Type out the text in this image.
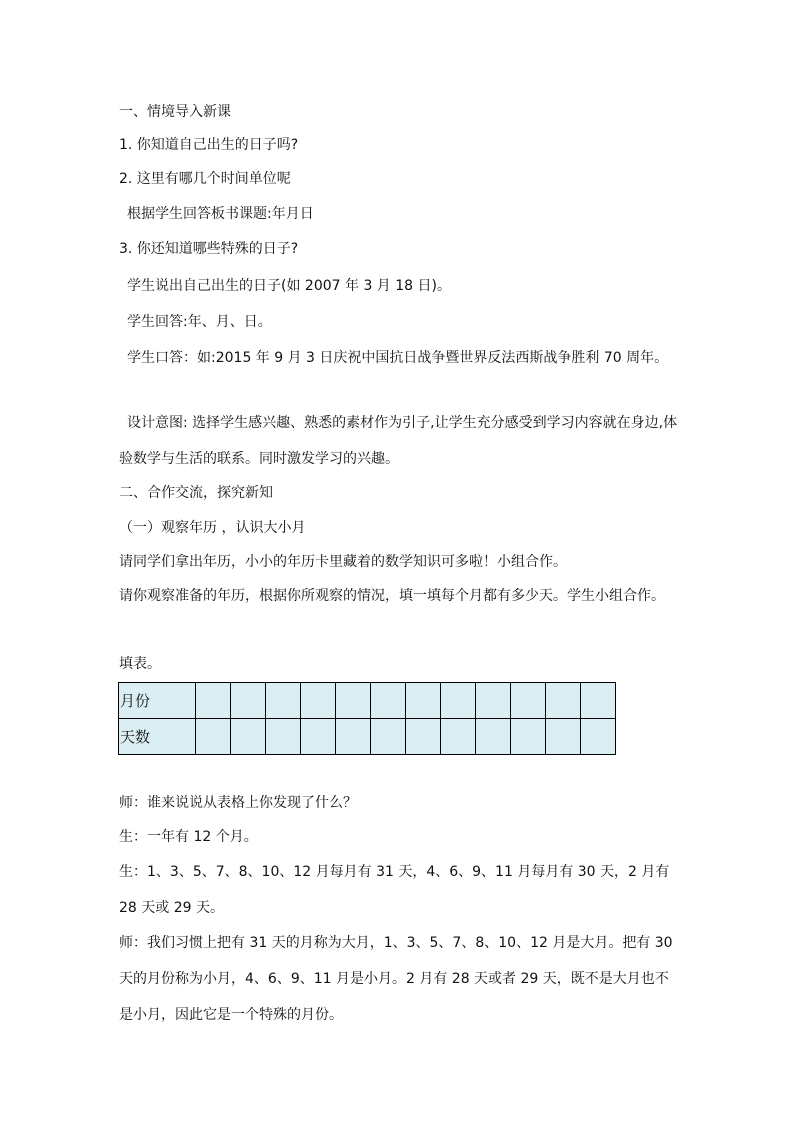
一、情境导入新课
1. 你知道自己出生的日子吗?
2. 这里有哪几个时间单位呢
根据学生回答板书课题:年月日
3. 你还知道哪些特殊的日子?
学生说出自己出生的日子(如 2007 年 3 月 18 日)。
学生回答:年、月、日。
学生口答：如:2015 年 9 月 3 日庆祝中国抗日战争暨世界反法西斯战争胜利 70 周年。
设计意图: 选择学生感兴趣、熟悉的素材作为引子,让学生充分感受到学习内容就在身边,体验数学与生活的联系。同时激发学习的兴趣。
二、合作交流，探究新知
（一）观察年历 ，认识大小月
请同学们拿出年历，小小的年历卡里藏着的数学知识可多啦！小组合作。
请你观察准备的年历，根据你所观察的情况，填一填每个月都有多少天。学生小组合作。
填表。
月份												
天数												
师：谁来说说从表格上你发现了什么？
生：一年有 12 个月。
生：1、3、5、7、8、10、12 月每月有 31 天，4、6、9、11 月每月有 30 天，2 月有 28 天或 29 天。
师：我们习惯上把有 31 天的月称为大月，1、3、5、7、8、10、12 月是大月。把有 30 天的月份称为小月，4、6、9、11 月是小月。2 月有 28 天或者 29 天，既不是大月也不是小月，因此它是一个特殊的月份。
